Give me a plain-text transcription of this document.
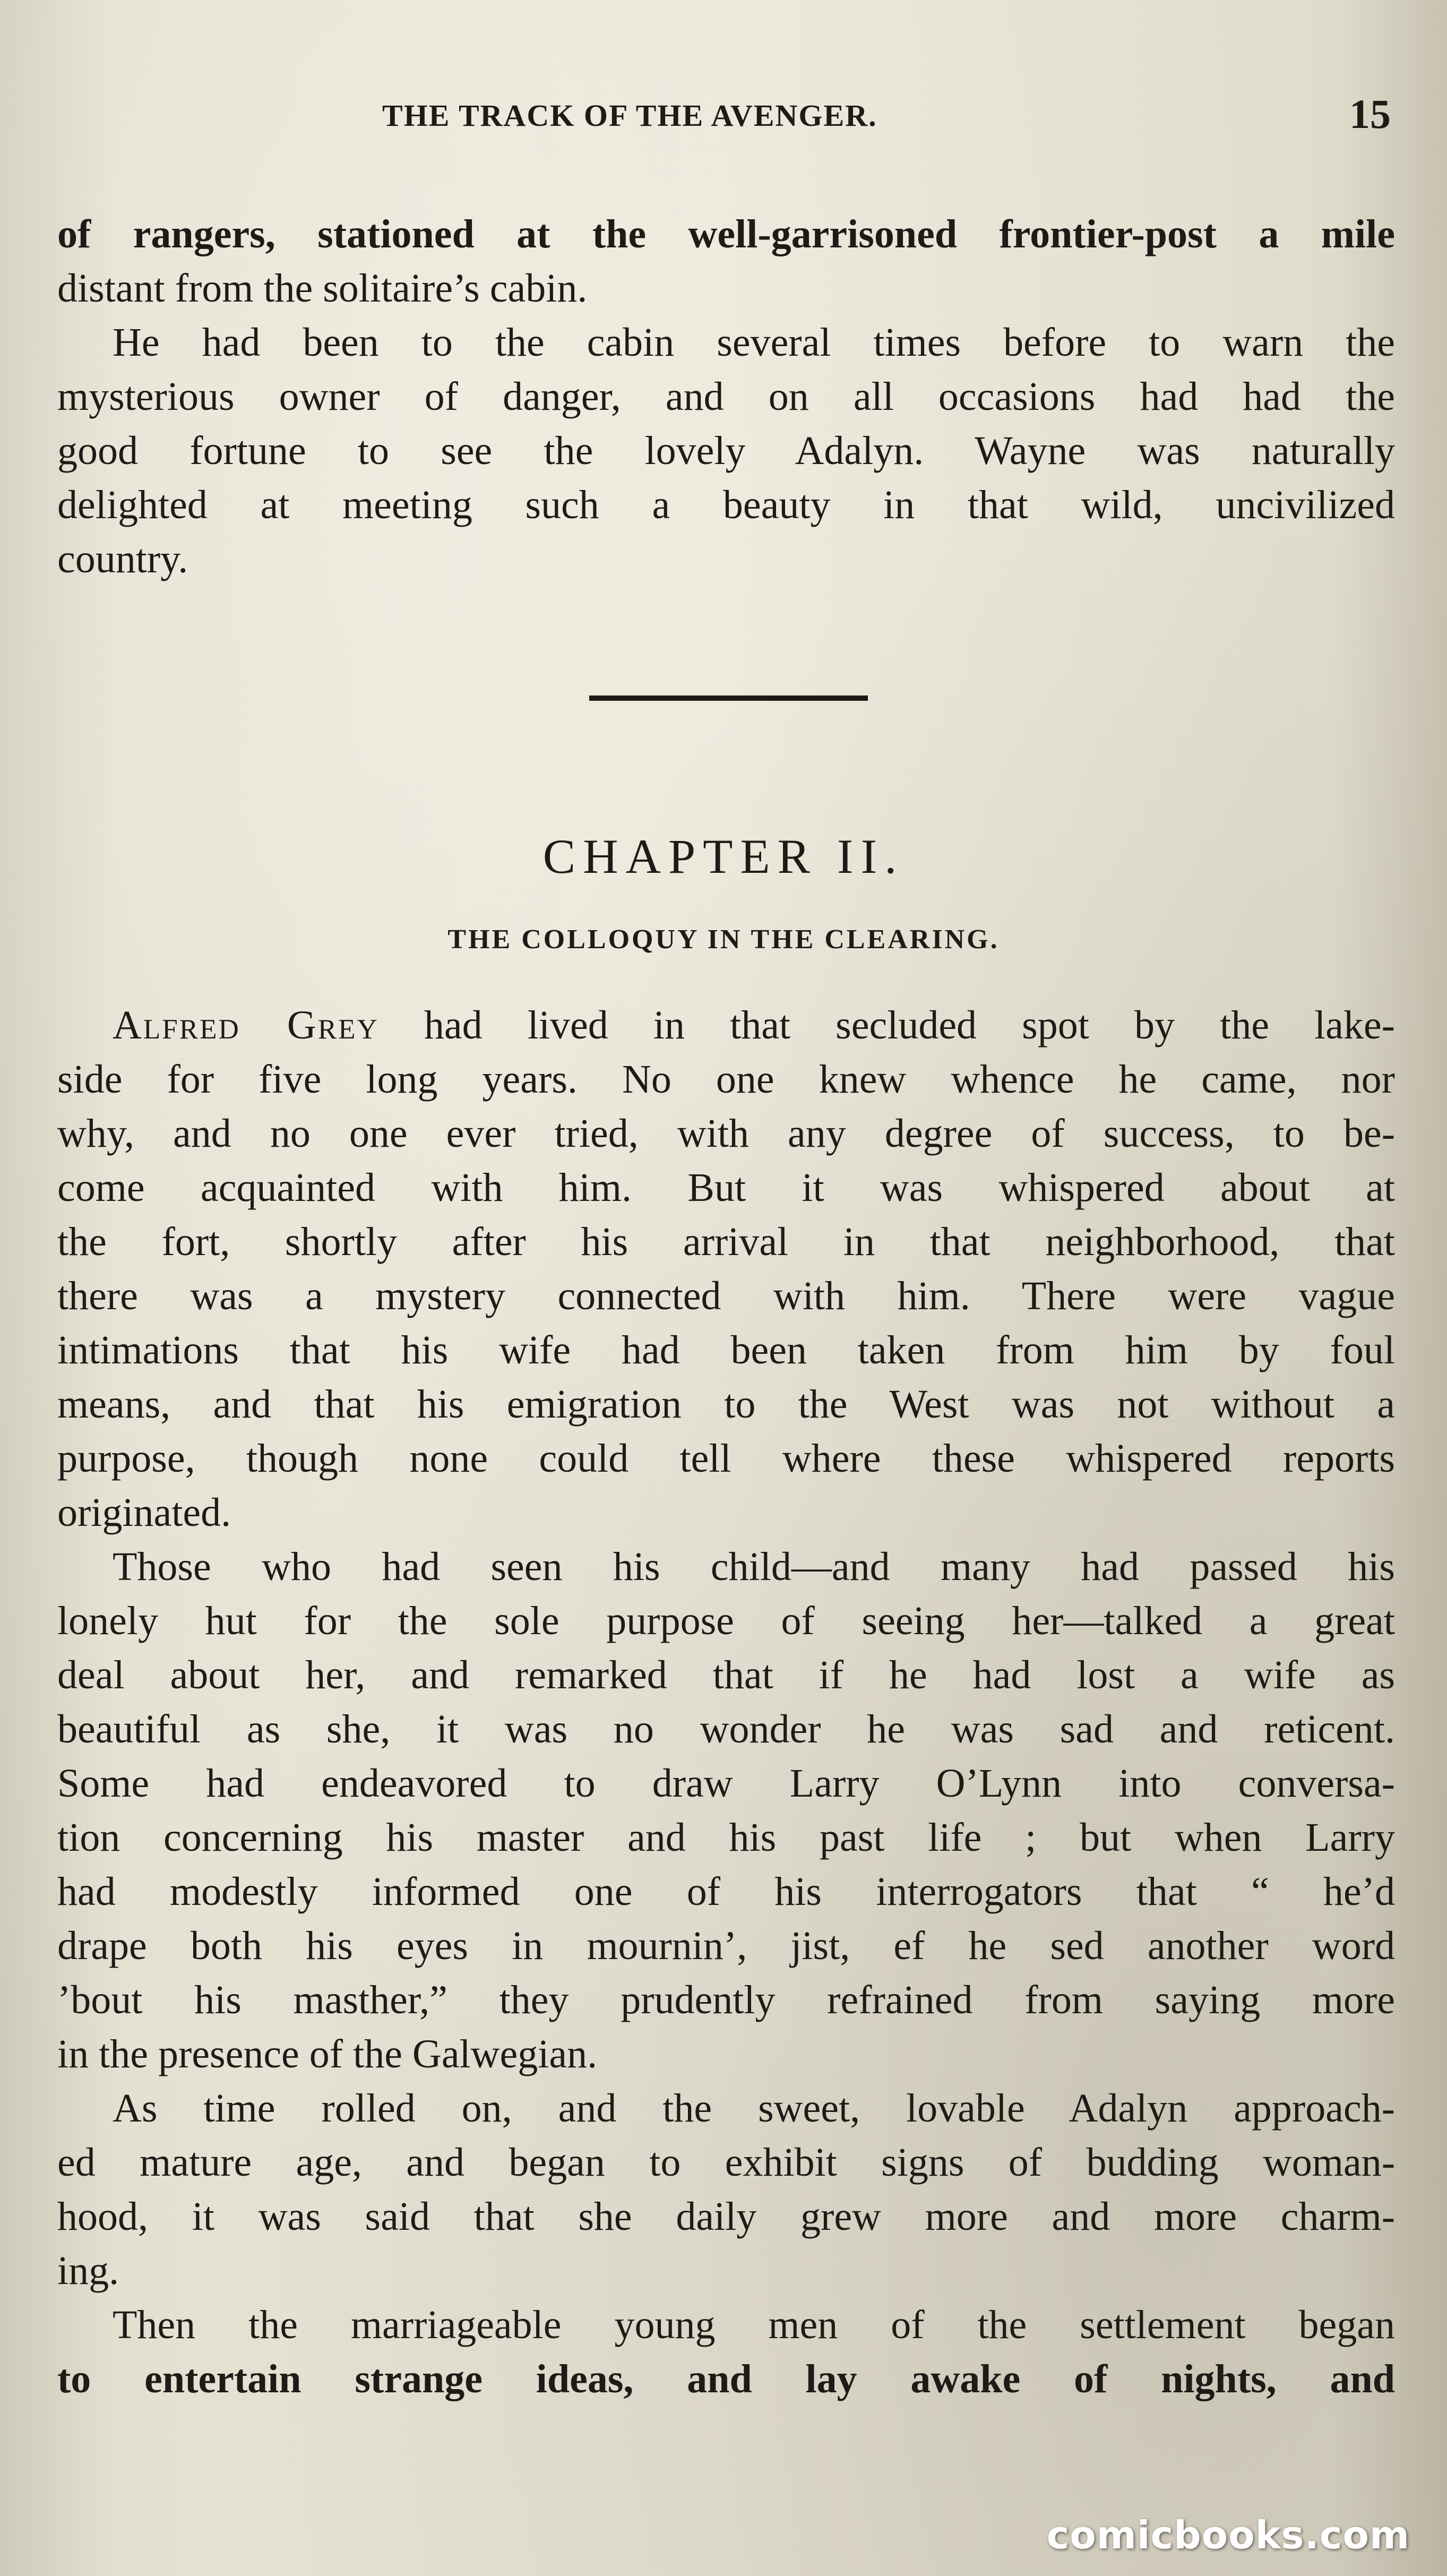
THE TRACK OF THE AVENGER.	15
of rangers, stationed at the well-garrisoned frontier-post a mile
distant from the solitaire’s cabin.
He had been to the cabin several times before to warn the
mysterious owner of danger, and on all occasions had had the
good fortune to see the lovely Adalyn. Wayne was naturally
delighted at meeting such a beauty in that wild, uncivilized
country.
CHAPTER II.
THE COLLOQUY IN THE CLEARING.
Alfred Grey had lived in that secluded spot by the lake-
side for five long years. No one knew whence he came, nor
why, and no one ever tried, with any degree of success, to be-
come acquainted with him. But it was whispered about at
the fort, shortly after his arrival in that neighborhood, that
there was a mystery connected with him. There were vague
intimations that his wife had been taken from him by foul
means, and that his emigration to the West was not without a
purpose, though none could tell where these whispered reports
originated.
Those who had seen his child—and many had passed his
lonely hut for the sole purpose of seeing her—talked a great
deal about her, and remarked that if he had lost a wife as
beautiful as she, it was no wonder he was sad and reticent.
Some had endeavored to draw Larry O’Lynn into conversa-
tion concerning his master and his past life ; but when Larry
had modestly informed one of his interrogators that “ he’d
drape both his eyes in mournin’, jist, ef he sed another word
’bout his masther,” they prudently refrained from saying more
in the presence of the Galwegian.
As time rolled on, and the sweet, lovable Adalyn approach-
ed mature age, and began to exhibit signs of budding woman-
hood, it was said that she daily grew more and more charm-
ing.
Then the marriageable young men of the settlement began
to entertain strange ideas, and lay awake of nights, and
comicbooks.com
